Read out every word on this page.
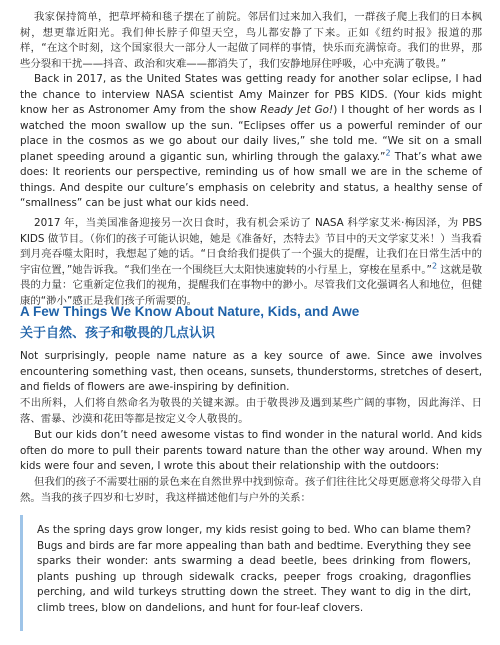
我家保持简单，把草坪椅和毯子摆在了前院。邻居们过来加入我们，一群孩子爬上我们的日本枫树，想更靠近阳光。我们伸长脖子仰望天空，鸟儿都安静了下来。正如《纽约时报》报道的那样，“在这个时刻，这个国家很大一部分人一起做了同样的事情，快乐而充满惊奇。我们的世界，那些分裂和干扰——抖音、政治和灾难——都消失了，我们安静地屏住呼吸，心中充满了敬畏。”

Back in 2017, as the United States was getting ready for another solar eclipse, I had the chance to interview NASA scientist Amy Mainzer for PBS KIDS. (Your kids might know her as Astronomer Amy from the show Ready Jet Go!) I thought of her words as I watched the moon swallow up the sun. “Eclipses offer us a powerful reminder of our place in the cosmos as we go about our daily lives,” she told me. “We sit on a small planet speeding around a gigantic sun, whirling through the galaxy.”$^2$ That’s what awe does: It reorients our perspective, reminding us of how small we are in the scheme of things. And despite our culture’s emphasis on celebrity and status, a healthy sense of “smallness” can be just what our kids need.

2017 年，当美国准备迎接另一次日食时，我有机会采访了 NASA 科学家艾米·梅因泽，为 PBS KIDS 做节目。（你们的孩子可能认识她，她是《准备好，杰特去》节目中的天文学家艾米！）当我看到月亮吞噬太阳时，我想起了她的话。“日食给我们提供了一个强大的提醒，让我们在日常生活中的宇宙位置，”她告诉我。“我们坐在一个围绕巨大太阳快速旋转的小行星上，穿梭在星系中。”$^2$ 这就是敬畏的力量：它重新定位我们的视角，提醒我们在事物中的渺小。尽管我们文化强调名人和地位，但健康的“渺小”感正是我们孩子所需要的。

A Few Things We Know About Nature, Kids, and Awe
关于自然、孩子和敬畏的几点认识

Not surprisingly, people name nature as a key source of awe. Since awe involves encountering something vast, then oceans, sunsets, thunderstorms, stretches of desert, and fields of flowers are awe-inspiring by definition.

不出所料，人们将自然命名为敬畏的关键来源。由于敬畏涉及遇到某些广阔的事物，因此海洋、日落、雷暴、沙漠和花田等都是按定义令人敬畏的。

But our kids don’t need awesome vistas to find wonder in the natural world. And kids often do more to pull their parents toward nature than the other way around. When my kids were four and seven, I wrote this about their relationship with the outdoors:

但我们的孩子不需要壮丽的景色来在自然世界中找到惊奇。孩子们往往比父母更愿意将父母带入自然。当我的孩子四岁和七岁时，我这样描述他们与户外的关系：

As the spring days grow longer, my kids resist going to bed. Who can blame them? Bugs and birds are far more appealing than bath and bedtime. Everything they see sparks their wonder: ants swarming a dead beetle, bees drinking from flowers, plants pushing up through sidewalk cracks, peeper frogs croaking, dragonflies perching, and wild turkeys strutting down the street. They want to dig in the dirt, climb trees, blow on dandelions, and hunt for four-leaf clovers.
